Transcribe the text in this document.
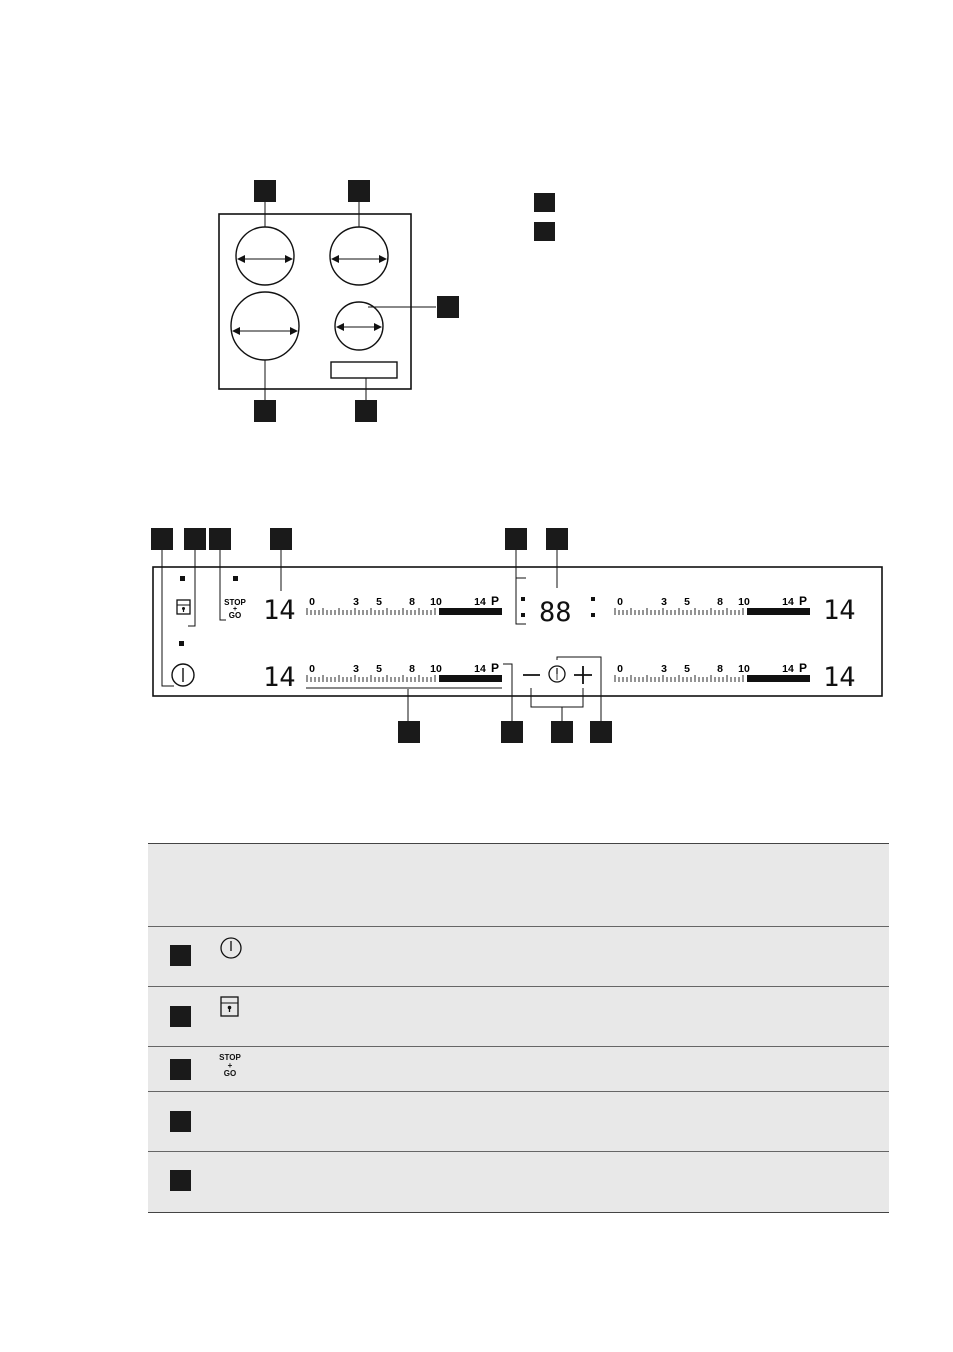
STOP
+
GO 14
14
14
14
88
0	3 5	8 10	14 P
0	3 5	8 10	14 P
0	3 5	8 10	14 P
0	3 5	8 10	14 P
STOP
+
GO
